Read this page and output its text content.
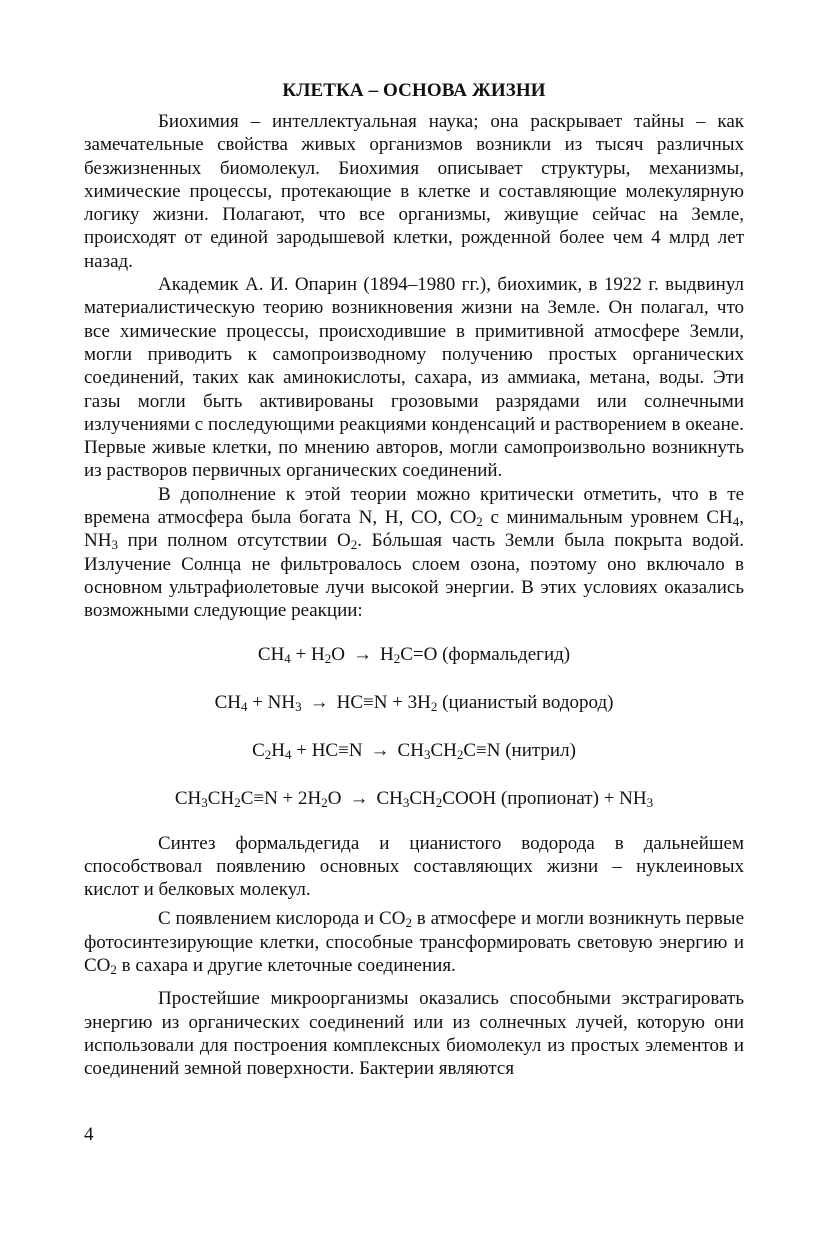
КЛЕТКА – ОСНОВА ЖИЗНИ

Биохимия – интеллектуальная наука; она раскрывает тайны – как замечательные свойства живых организмов возникли из тысяч различных безжизненных биомолекул. Биохимия описывает структуры, механизмы, химические процессы, протекающие в клетке и составляющие молекулярную логику жизни. Полагают, что все организмы, живущие сейчас на Земле, происходят от единой зародышевой клетки, рожденной более чем 4 млрд лет назад.

Академик А. И. Опарин (1894–1980 гг.), биохимик, в 1922 г. выдвинул материалистическую теорию возникновения жизни на Земле. Он полагал, что все химические процессы, происходившие в примитивной атмосфере Земли, могли приводить к самопроизводному получению простых органических соединений, таких как аминокислоты, сахара, из аммиака, метана, воды. Эти газы могли быть активированы грозовыми разрядами или солнечными излучениями с последующими реакциями конденсаций и растворением в океане. Первые живые клетки, по мнению авторов, могли самопроизвольно возникнуть из растворов первичных органических соединений.

В дополнение к этой теории можно критически отметить, что в те времена атмосфера была богата N, H, CO, $CO_2$ с минимальным уровнем $CH_4$, $NH_3$ при полном отсутствии $O_2$. Бóльшая часть Земли была покрыта водой. Излучение Солнца не фильтровалось слоем озона, поэтому оно включало в основном ультрафиолетовые лучи высокой энергии. В этих условиях оказались возможными следующие реакции:

$CH_4 + H_2O \to H_2C=O$ (формальдегид)
$CH_4 + NH_3 \to HC\equiv N + 3H_2$ (цианистый водород)
$C_2H_4 + HC\equiv N \to CH_3CH_2C\equiv N$ (нитрил)
$CH_3CH_2C\equiv N + 2H_2O$ → $CH_3CH_2COOH$ (пропионат) + $NH_3$

Синтез формальдегида и цианистого водорода в дальнейшем способствовал появлению основных составляющих жизни – нуклеиновых кислот и белковых молекул.

С появлением кислорода и $CO_2$ в атмосфере и могли возникнуть первые фотосинтезирующие клетки, способные трансформировать световую энергию и $CO_2$ в сахара и другие клеточные соединения.

Простейшие микроорганизмы оказались способными экстрагировать энергию из органических соединений или из солнечных лучей, которую они использовали для построения комплексных биомолекул из простых элементов и соединений земной поверхности. Бактерии являются

4
